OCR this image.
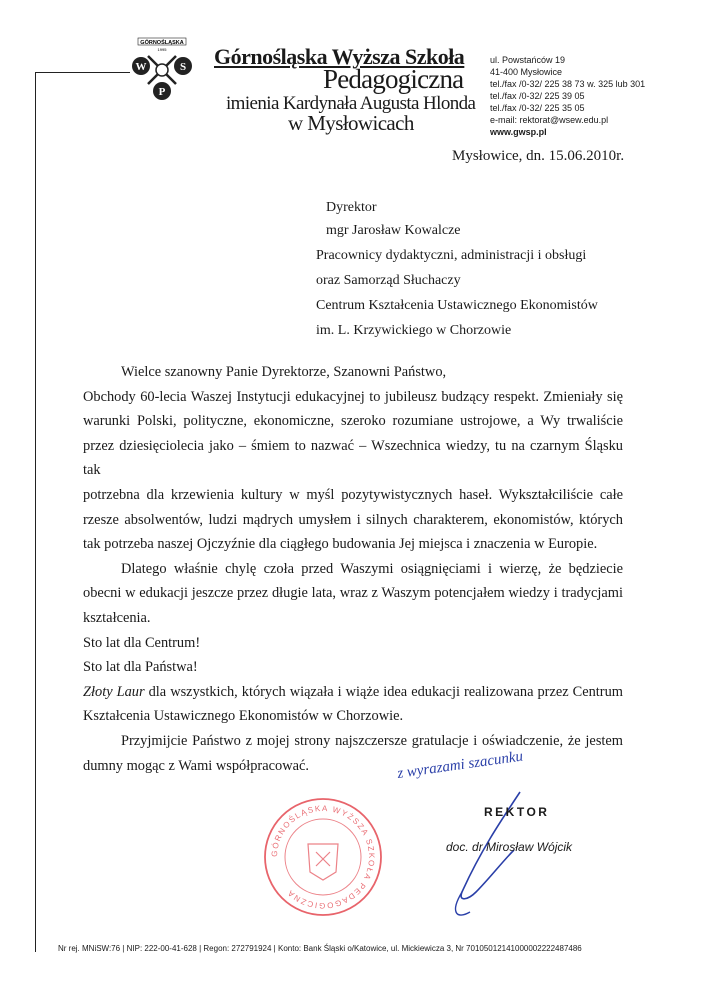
GÓRNOŚLĄSKA
1995
W	S
P
Górnośląska Wyższa Szkoła
Pedagogiczna
imienia Kardynała Augusta Hlonda
w Mysłowicach
ul. Powstańców 19
41-400 Mysłowice
tel./fax /0-32/ 225 38 73 w. 325 lub 301
tel./fax /0-32/ 225 39 05
tel./fax /0-32/ 225 35 05
e-mail: rektorat@wsew.edu.pl
www.gwsp.pl
Mysłowice, dn. 15.06.2010r.
Dyrektor
mgr Jarosław Kowalcze
Pracownicy dydaktyczni, administracji i obsługi
oraz Samorząd Słuchaczy
Centrum Kształcenia Ustawicznego Ekonomistów
im. L. Krzywickiego w Chorzowie

Wielce szanowny Panie Dyrektorze, Szanowni Państwo,

Obchody 60-lecia Waszej Instytucji edukacyjnej to jubileusz budzący respekt. Zmieniały się

warunki Polski, polityczne, ekonomiczne, szeroko rozumiane ustrojowe, a Wy trwaliście

przez dziesięciolecia jako – śmiem to nazwać – Wszechnica wiedzy, tu na czarnym Śląsku tak

potrzebna dla krzewienia kultury w myśl pozytywistycznych haseł. Wykształciliście całe

rzesze absolwentów, ludzi mądrych umysłem i silnych charakterem, ekonomistów, których

tak potrzeba naszej Ojczyźnie dla ciągłego budowania Jej miejsca i znaczenia w Europie.

Dlatego właśnie chylę czoła przed Waszymi osiągnięciami i wierzę, że będziecie

obecni w edukacji jeszcze przez długie lata, wraz z Waszym potencjałem wiedzy i tradycjami

kształcenia.

Sto lat dla Centrum!

Sto lat dla Państwa!

Złoty Laur dla wszystkich, których wiązała i wiąże idea edukacji realizowana przez Centrum

Kształcenia Ustawicznego Ekonomistów w Chorzowie.

Przyjmijcie Państwo z mojej strony najszczersze gratulacje i oświadczenie, że jestem

dumny mogąc z Wami współpracować.	z wyrazami szacunku
REKTOR
doc. dr Mirosław Wójcik
GÓRNOŚLĄSKA WYŻSZA SZKOŁA PEDAGOGICZNA
Nr rej. MNiSW:76 | NIP: 222-00-41-628 | Regon: 272791924 | Konto: Bank Śląski o/Katowice, ul. Mickiewicza 3, Nr 70105012141000002222487486
